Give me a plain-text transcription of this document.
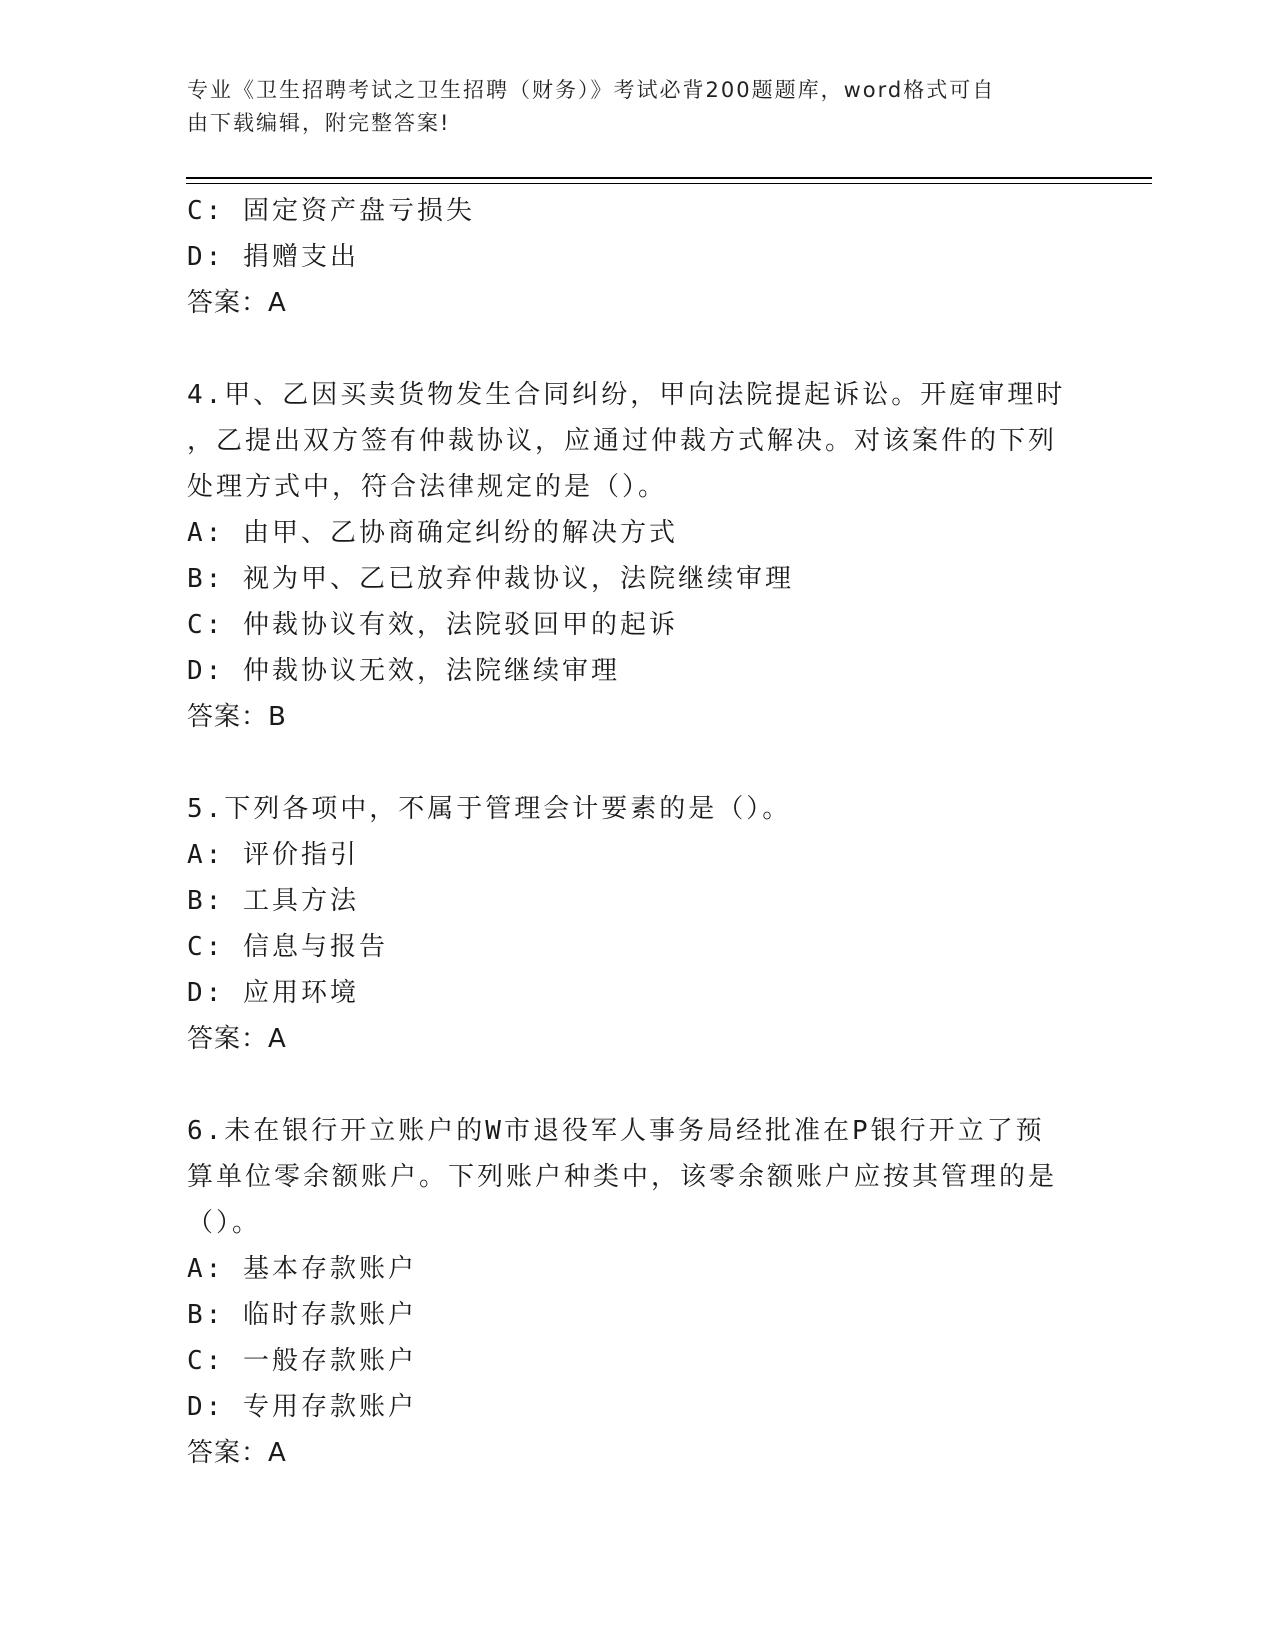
专业《卫生招聘考试之卫生招聘（财务）》考试必背200题题库，word格式可自
由下载编辑，附完整答案!
C: 固定资产盘亏损失
D: 捐赠支出
答案：A
4.甲、乙因买卖货物发生合同纠纷，甲向法院提起诉讼。开庭审理时
，乙提出双方签有仲裁协议，应通过仲裁方式解决。对该案件的下列
处理方式中，符合法律规定的是（）。
A: 由甲、乙协商确定纠纷的解决方式
B: 视为甲、乙已放弃仲裁协议，法院继续审理
C: 仲裁协议有效，法院驳回甲的起诉
D: 仲裁协议无效，法院继续审理
答案：B
5.下列各项中，不属于管理会计要素的是（）。
A: 评价指引
B: 工具方法
C: 信息与报告
D: 应用环境
答案：A
6.未在银行开立账户的W市退役军人事务局经批准在P银行开立了预
算单位零余额账户。下列账户种类中，该零余额账户应按其管理的是
（）。
A: 基本存款账户
B: 临时存款账户
C: 一般存款账户
D: 专用存款账户
答案：A
